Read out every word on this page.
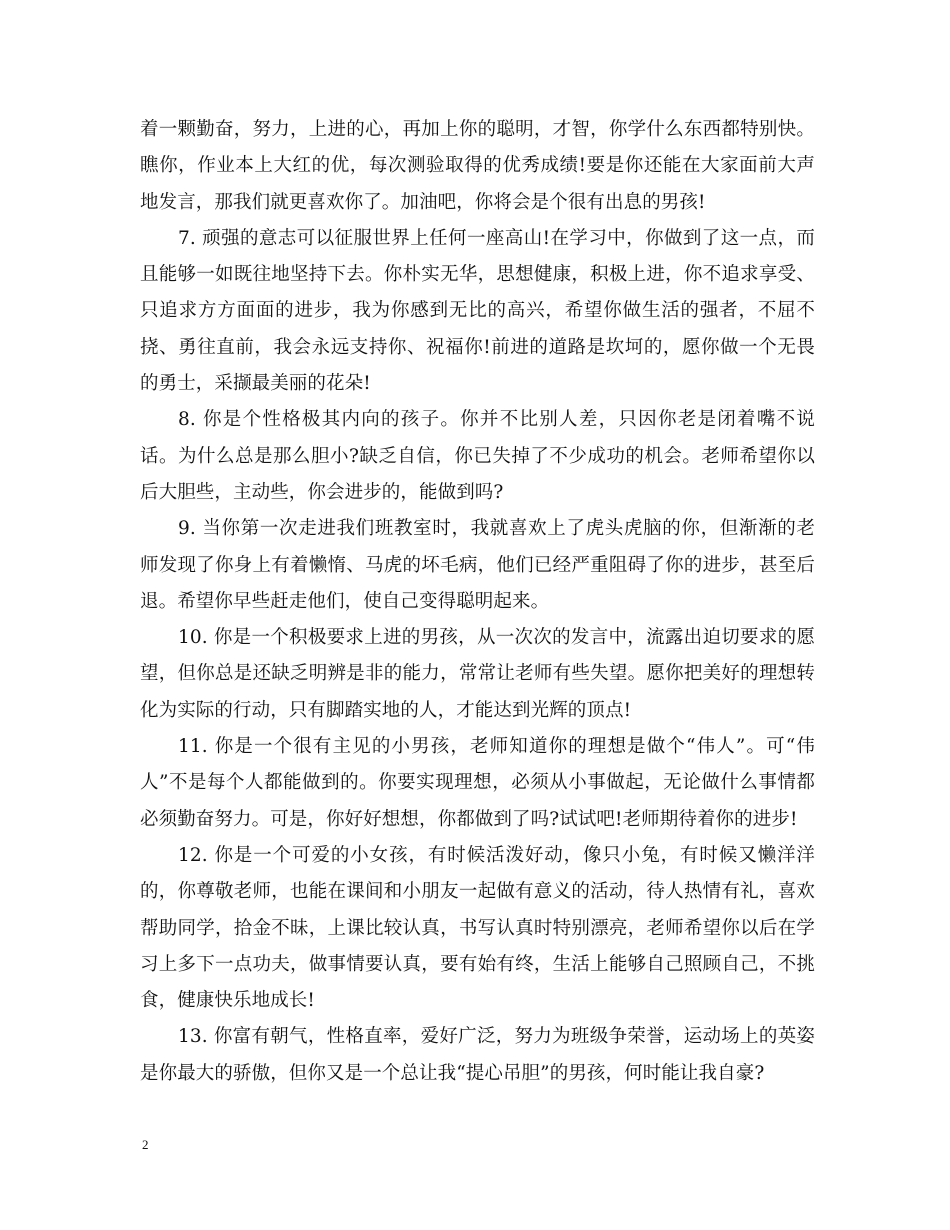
着一颗勤奋，努力，上进的心，再加上你的聪明，才智，你学什么东西都特别快。瞧你，作业本上大红的优，每次测验取得的优秀成绩!要是你还能在大家面前大声地发言，那我们就更喜欢你了。加油吧，你将会是个很有出息的男孩!

7. 顽强的意志可以征服世界上任何一座高山!在学习中，你做到了这一点，而且能够一如既往地坚持下去。你朴实无华，思想健康，积极上进，你不追求享受、只追求方方面面的进步，我为你感到无比的高兴，希望你做生活的强者，不屈不挠、勇往直前，我会永远支持你、祝福你!前进的道路是坎坷的，愿你做一个无畏的勇士，采撷最美丽的花朵!

8. 你是个性格极其内向的孩子。你并不比别人差，只因你老是闭着嘴不说话。为什么总是那么胆小?缺乏自信，你已失掉了不少成功的机会。老师希望你以后大胆些，主动些，你会进步的，能做到吗?

9. 当你第一次走进我们班教室时，我就喜欢上了虎头虎脑的你，但渐渐的老师发现了你身上有着懒惰、马虎的坏毛病，他们已经严重阻碍了你的进步，甚至后退。希望你早些赶走他们，使自己变得聪明起来。

10. 你是一个积极要求上进的男孩，从一次次的发言中，流露出迫切要求的愿望，但你总是还缺乏明辨是非的能力，常常让老师有些失望。愿你把美好的理想转化为实际的行动，只有脚踏实地的人，才能达到光辉的顶点!

11. 你是一个很有主见的小男孩，老师知道你的理想是做个“伟人”。可“伟人”不是每个人都能做到的。你要实现理想，必须从小事做起，无论做什么事情都必须勤奋努力。可是，你好好想想，你都做到了吗?试试吧!老师期待着你的进步!

12. 你是一个可爱的小女孩，有时候活泼好动，像只小兔，有时候又懒洋洋的，你尊敬老师，也能在课间和小朋友一起做有意义的活动，待人热情有礼，喜欢帮助同学，拾金不昧，上课比较认真，书写认真时特别漂亮，老师希望你以后在学习上多下一点功夫，做事情要认真，要有始有终，生活上能够自己照顾自己，不挑食，健康快乐地成长!

13. 你富有朝气，性格直率，爱好广泛，努力为班级争荣誉，运动场上的英姿是你最大的骄傲，但你又是一个总让我“提心吊胆”的男孩，何时能让我自豪?

2
